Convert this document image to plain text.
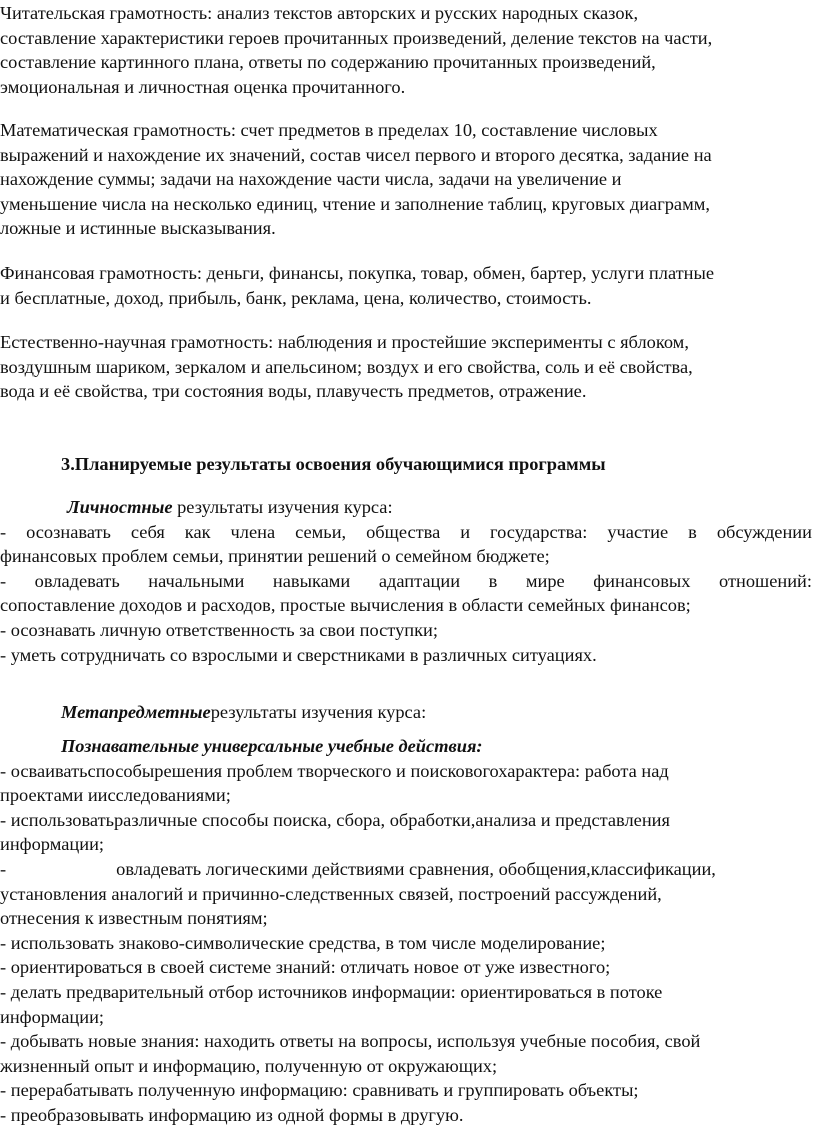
Читательская грамотность: анализ текстов авторских и русских народных сказок,
составление характеристики героев прочитанных произведений, деление текстов на части,
составление картинного плана, ответы по содержанию прочитанных произведений,
эмоциональная и личностная оценка прочитанного.
Математическая грамотность: счет предметов в пределах 10, составление числовых
выражений и нахождение их значений, состав чисел первого и второго десятка, задание на
нахождение суммы; задачи на нахождение части числа, задачи на увеличение и
уменьшение числа на несколько единиц, чтение и заполнение таблиц, круговых диаграмм,
ложные и истинные высказывания.
Финансовая грамотность: деньги, финансы, покупка, товар, обмен, бартер, услуги платные
и бесплатные, доход, прибыль, банк, реклама, цена, количество, стоимость.
Естественно-научная грамотность: наблюдения и простейшие эксперименты с яблоком,
воздушным шариком, зеркалом и апельсином; воздух и его свойства, соль и её свойства,
вода и её свойства, три состояния воды, плавучесть предметов, отражение.
3.Планируемые результаты освоения обучающимися программы
Личностные результаты изучения курса:
- осознавать себя как члена семьи, общества и государства: участие в обсуждении
финансовых проблем семьи, принятии решений о семейном бюджете;
- овладевать начальными навыками адаптации в мире финансовых отношений:
сопоставление доходов и расходов, простые вычисления в области семейных финансов;
- осознавать личную ответственность за свои поступки;
- уметь сотрудничать со взрослыми и сверстниками в различных ситуациях.
Метапредметныерезультаты изучения курса:
Познавательные универсальные учебные действия:
- осваиватьспособырешения проблем творческого и поисковогохарактера: работа над
проектами иисследованиями;
- использоватьразличные способы поиска, сбора, обработки,анализа и представления
информации;
-	овладевать логическими действиями сравнения, обобщения,классификации,
установления аналогий и причинно-следственных связей, построений рассуждений,
отнесения к известным понятиям;
- использовать знаково-символические средства, в том числе моделирование;
- ориентироваться в своей системе знаний: отличать новое от уже известного;
- делать предварительный отбор источников информации: ориентироваться в потоке
информации;
- добывать новые знания: находить ответы на вопросы, используя учебные пособия, свой
жизненный опыт и информацию, полученную от окружающих;
- перерабатывать полученную информацию: сравнивать и группировать объекты;
- преобразовывать информацию из одной формы в другую.
